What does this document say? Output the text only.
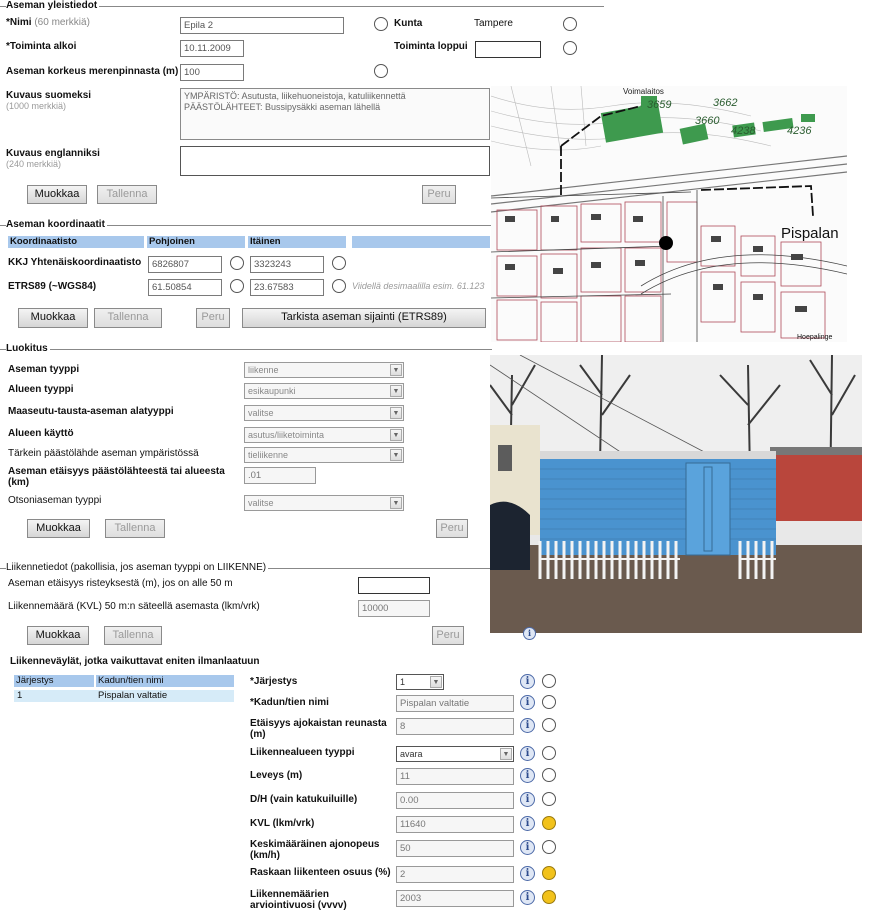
Aseman yleistiedot
*Nimi (60 merkkiä)	Epila 2	Kunta	Tampere
*Toiminta alkoi	10.11.2009	Toiminta loppui
Aseman korkeus merenpinnasta (m) 100
Kuvaus suomeksi
(1000 merkkiä)
YMPÄRISTÖ: Asutusta, liikehuoneistoja, katuliikennettä
PÄÄSTÖLÄHTEET: Bussipysäkki aseman lähellä
Kuvaus englanniksi
(240 merkkiä)
Muokkaa	Tallenna	Peru
Aseman koordinaatit
Koordinaatisto	Pohjoinen	Itäinen
KKJ Yhtenäiskoordinaatisto	6826807	3323243
ETRS89 (~WGS84)	61.50854	23.67583	Viidellä desimaalilla esim. 61.123
Muokkaa	Tallenna	Peru	Tarkista aseman sijainti (ETRS89)
Luokitus
Aseman tyyppi	liikenne	▼
Alueen tyyppi	esikaupunki	▼
Maaseutu-tausta-aseman alatyyppi	valitse	▼
Alueen käyttö	asutus/liiketoiminta	▼
Tärkein päästölähde aseman ympäristössä	tieliikenne	▼
Aseman etäisyys päästölähteestä tai alueesta (km)
.01
Otsoniaseman tyyppi	valitse	▼
Muokkaa	Tallenna	Peru
Liikennetiedot (pakollisia, jos aseman tyyppi on LIIKENNE)
Aseman etäisyys risteyksestä (m), jos on alle 50 m
Liikennemäärä (KVL) 50 m:n säteellä asemasta (lkm/vrk)	10000
Muokkaa	Tallenna	Peru
Liikenneväylät, jotka vaikuttavat eniten ilmanlaatuun
Järjestys	Kadun/tien nimi
1	Pispalan valtatie
*Järjestys	1	▼	i
*Kadun/tien nimi	Pispalan valtatie	i
Etäisyys ajokaistan reunasta (m)
8	i
Liikennealueen tyyppi	avara	▼	i
Leveys (m)	11	i
D/H (vain katukuiluille)	0.00	i
KVL (lkm/vrk)	11640	i
Keskimääräinen ajonopeus (km/h)
50	i
Raskaan liikenteen osuus (%) 2	i
Liikennemäärien arviointivuosi (vvvv)
2003	i
3659	3662
3660
4238	4236
Voimalaitos
Pispalan
Hoepalinge
i
